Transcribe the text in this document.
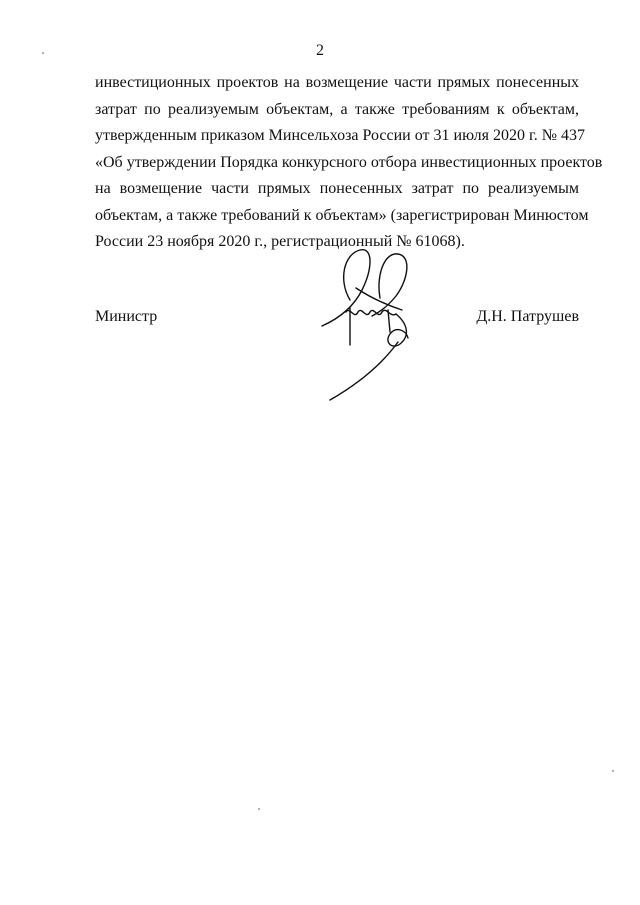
2
инвестиционных проектов на возмещение части прямых понесенных
затрат по реализуемым объектам, а также требованиям к объектам,
утвержденным приказом Минсельхоза России от 31 июля 2020 г. № 437
«Об утверждении Порядка конкурсного отбора инвестиционных проектов
на возмещение части прямых понесенных затрат по реализуемым
объектам, а также требований к объектам» (зарегистрирован Минюстом
России 23 ноября 2020 г., регистрационный № 61068).
Министр	Д.Н. Патрушев
